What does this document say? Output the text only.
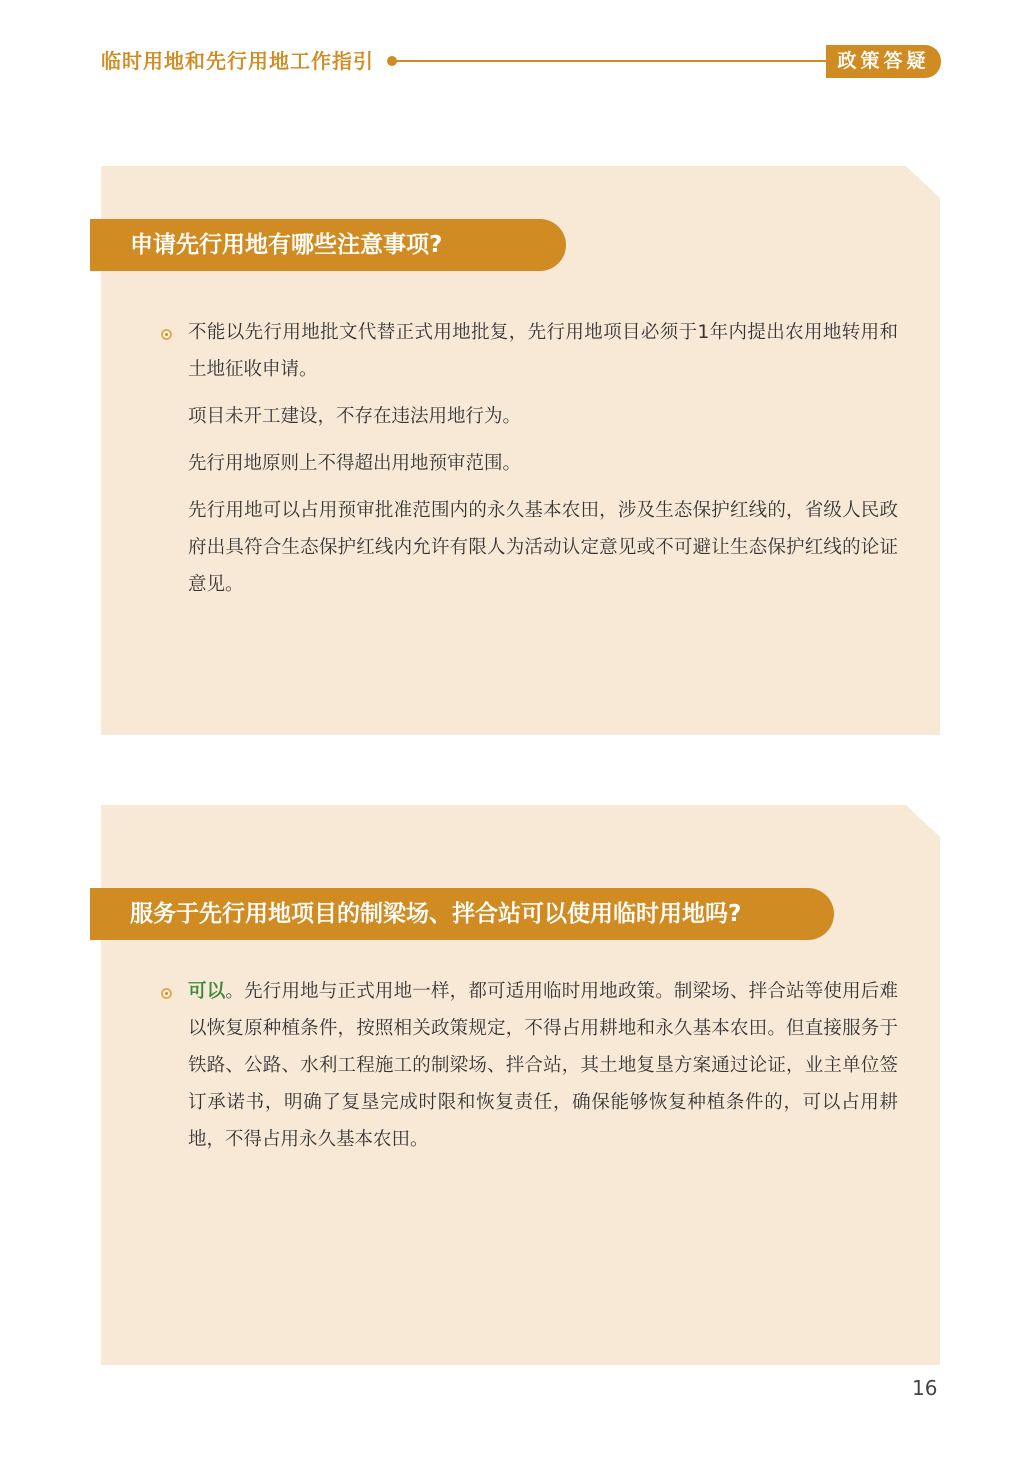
临时用地和先行用地工作指引	政策答疑
申请先行用地有哪些注意事项?

不能以先行用地批文代替正式用地批复，先行用地项目必须于1年内提出农用地转用和土地征收申请。

项目未开工建设，不存在违法用地行为。

先行用地原则上不得超出用地预审范围。

先行用地可以占用预审批准范围内的永久基本农田，涉及生态保护红线的，省级人民政府出具符合生态保护红线内允许有限人为活动认定意见或不可避让生态保护红线的论证意见。

服务于先行用地项目的制梁场、拌合站可以使用临时用地吗?

可以。先行用地与正式用地一样，都可适用临时用地政策。制梁场、拌合站等使用后难以恢复原种植条件，按照相关政策规定，不得占用耕地和永久基本农田。但直接服务于铁路、公路、水利工程施工的制梁场、拌合站，其土地复垦方案通过论证，业主单位签订承诺书，明确了复垦完成时限和恢复责任，确保能够恢复种植条件的，可以占用耕地，不得占用永久基本农田。

16
